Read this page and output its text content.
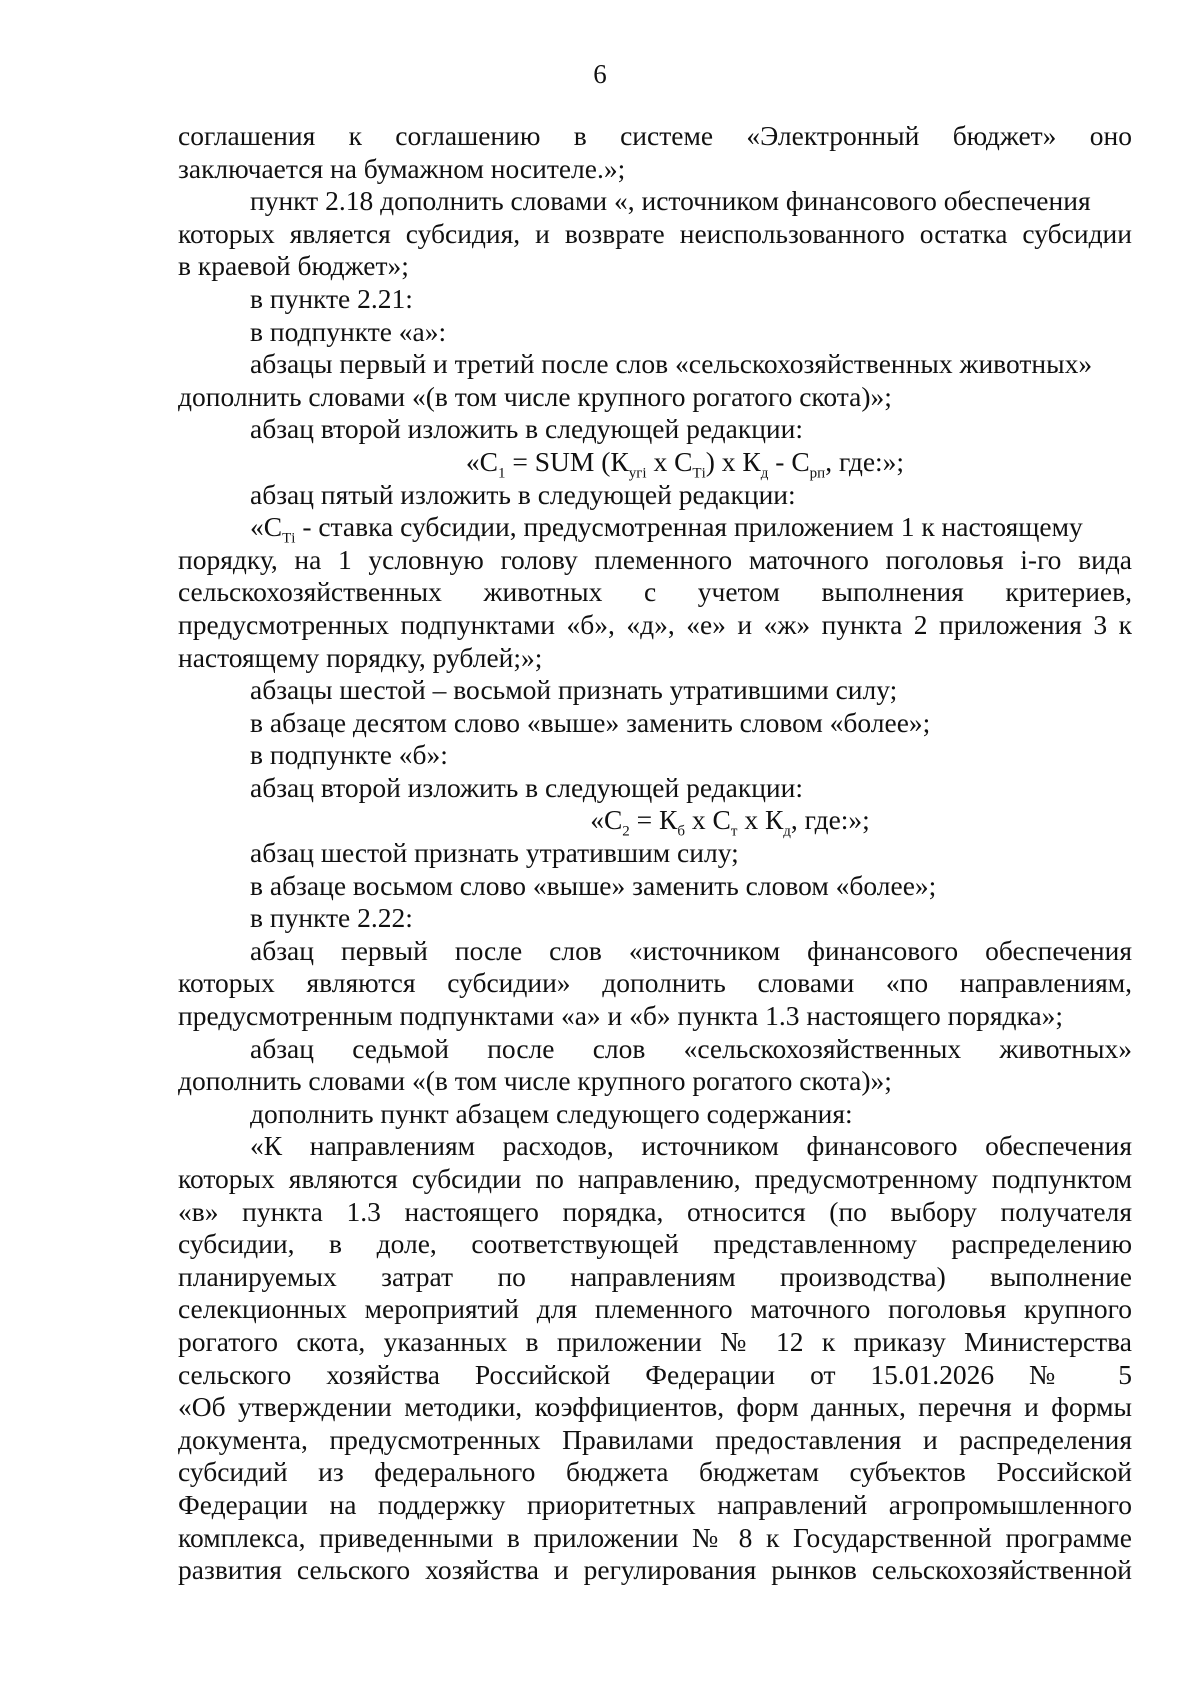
6
соглашения к соглашению в системе «Электронный бюджет» оно
заключается на бумажном носителе.»;
пункт 2.18 дополнить словами «, источником финансового обеспечения
которых является субсидия, и возврате неиспользованного остатка субсидии
в краевой бюджет»;
в пункте 2.21:
в подпункте «а»:
абзацы первый и третий после слов «сельскохозяйственных животных»
дополнить словами «(в том числе крупного рогатого скота)»;
абзац второй изложить в следующей редакции:
«$С_1$ = SUM ($К_{угi}$ x $С_{Тi}$) x $К_д - С_{рп}$, где:»;
абзац пятый изложить в следующей редакции:
«$С_{Тi}$ - ставка субсидии, предусмотренная приложением 1 к настоящему
порядку, на 1 условную голову племенного маточного поголовья i-го вида
сельскохозяйственных животных с учетом выполнения критериев,
предусмотренных подпунктами «б», «д», «е» и «ж» пункта 2 приложения 3 к
настоящему порядку, рублей;»;
абзацы шестой – восьмой признать утратившими силу;
в абзаце десятом слово «выше» заменить словом «более»;
в подпункте «б»:
абзац второй изложить в следующей редакции:
«$С_2 = К_б$ x $С_т$ x $К_д$, где:»;
абзац шестой признать утратившим силу;
в абзаце восьмом слово «выше» заменить словом «более»;
в пункте 2.22:
абзац первый после слов «источником финансового обеспечения
которых являются субсидии» дополнить словами «по направлениям,
предусмотренным подпунктами «а» и «б» пункта 1.3 настоящего порядка»;
абзац седьмой после слов «сельскохозяйственных животных»
дополнить словами «(в том числе крупного рогатого скота)»;
дополнить пункт абзацем следующего содержания:
«К направлениям расходов, источником финансового обеспечения
которых являются субсидии по направлению, предусмотренному подпунктом
«в» пункта 1.3 настоящего порядка, относится (по выбору получателя
субсидии, в доле, соответствующей представленному распределению
планируемых затрат по направлениям производства) выполнение
селекционных мероприятий для племенного маточного поголовья крупного
рогатого скота, указанных в приложении № 12 к приказу Министерства
сельского хозяйства Российской Федерации от 15.01.2026 № 5
«Об утверждении методики, коэффициентов, форм данных, перечня и формы
документа, предусмотренных Правилами предоставления и распределения
субсидий из федерального бюджета бюджетам субъектов Российской
Федерации на поддержку приоритетных направлений агропромышленного
комплекса, приведенными в приложении № 8 к Государственной программе
развития сельского хозяйства и регулирования рынков сельскохозяйственной
